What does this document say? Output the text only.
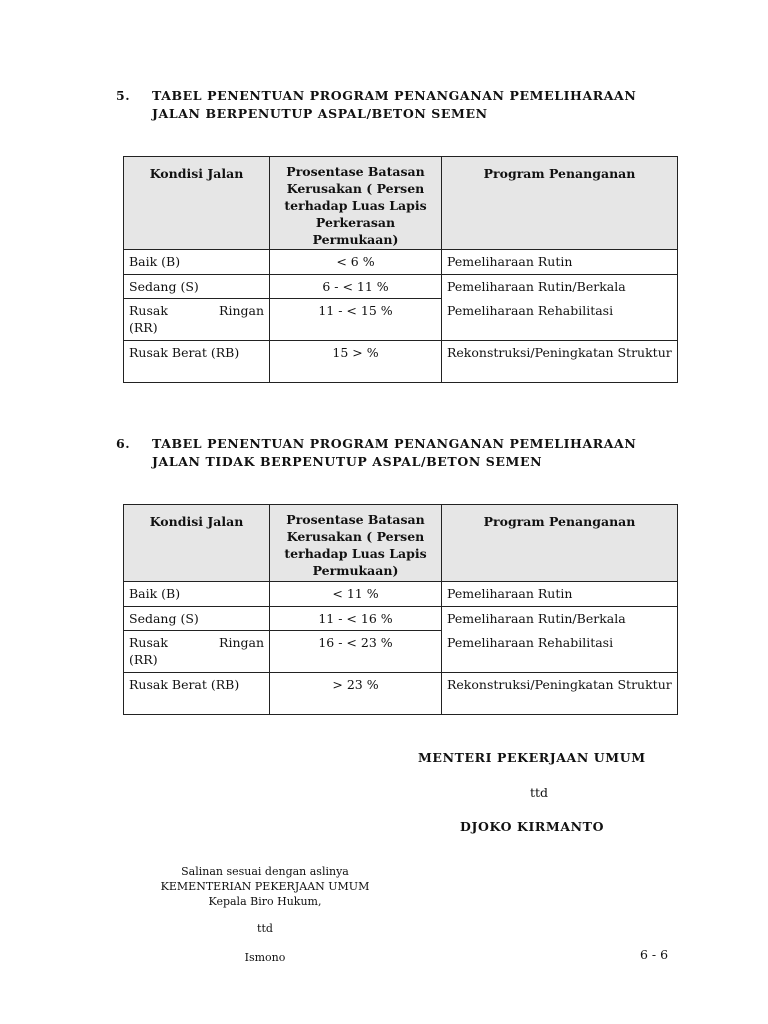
5. TABEL PENENTUAN PROGRAM PENANGANAN PEMELIHARAAN
JALAN BERPENUTUP ASPAL/BETON SEMEN
Kondisi Jalan	Prosentase Batasan Kerusakan ( Persen terhadap Luas Lapis Perkerasan Permukaan)	Program Penanganan
Baik (B)	< 6 %	Pemeliharaan Rutin
Sedang (S)	6 - < 11 %	Pemeliharaan Rutin/Berkala

Rusak Ringan
(RR)	11 - < 15 %	Pemeliharaan Rehabilitasi
Rusak Berat (RB)	15 > %	Rekonstruksi/Peningkatan Struktur
6. TABEL PENENTUAN PROGRAM PENANGANAN PEMELIHARAAN
JALAN TIDAK BERPENUTUP ASPAL/BETON SEMEN
Kondisi Jalan	Prosentase Batasan Kerusakan ( Persen terhadap Luas Lapis Permukaan)	Program Penanganan
Baik (B)	< 11 %	Pemeliharaan Rutin
Sedang (S)	11 - < 16 %	Pemeliharaan Rutin/Berkala

Rusak Ringan
(RR)	16 - < 23 %	Pemeliharaan Rehabilitasi
Rusak Berat (RB)	> 23 %	Rekonstruksi/Peningkatan Struktur
MENTERI PEKERJAAN UMUM
ttd
DJOKO KIRMANTO
Salinan sesuai dengan aslinya
KEMENTERIAN PEKERJAAN UMUM
Kepala Biro Hukum,
ttd
Ismono	6 - 6
